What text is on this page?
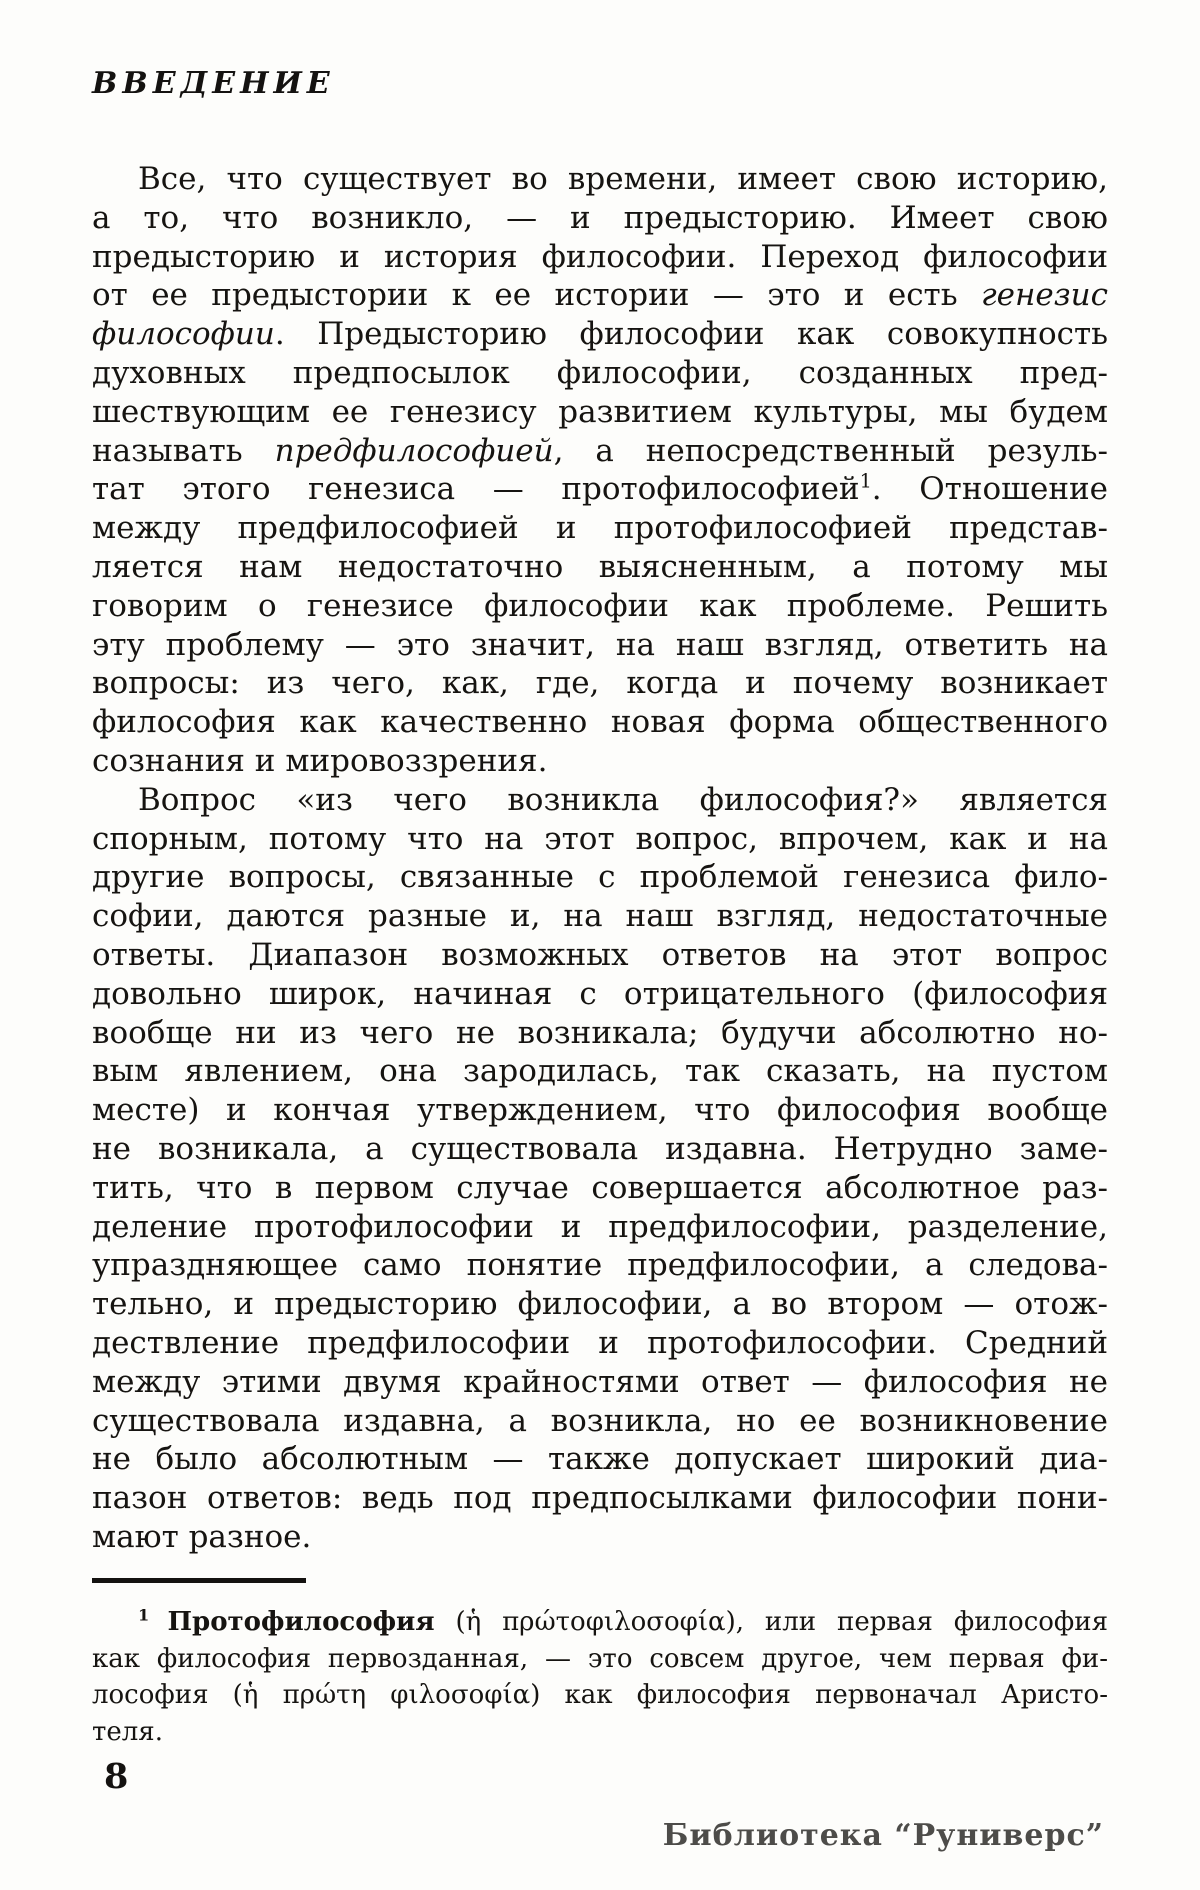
ВВЕДЕНИЕ
Все, что существует во времени, имеет свою историю,
а то, что возникло, — и предысторию. Имеет свою
предысторию и история философии. Переход философии
от ее предыстории к ее истории — это и есть генезис
философии. Предысторию философии как совокупность
духовных предпосылок философии, созданных пред-
шествующим ее генезису развитием культуры, мы будем
называть предфилософией, а непосредственный резуль-
тат этого генезиса — протофилософией$^1$. Отношение
между предфилософией и протофилософией представ-
ляется нам недостаточно выясненным, а потому мы
говорим о генезисе философии как проблеме. Решить
эту проблему — это значит, на наш взгляд, ответить на
вопросы: из чего, как, где, когда и почему возникает
философия как качественно новая форма общественного
сознания и мировоззрения.
Вопрос «из чего возникла философия?» является
спорным, потому что на этот вопрос, впрочем, как и на
другие вопросы, связанные с проблемой генезиса фило-
софии, даются разные и, на наш взгляд, недостаточные
ответы. Диапазон возможных ответов на этот вопрос
довольно широк, начиная с отрицательного (философия
вообще ни из чего не возникала; будучи абсолютно но-
вым явлением, она зародилась, так сказать, на пустом
месте) и кончая утверждением, что философия вообще
не возникала, а существовала издавна. Нетрудно заме-
тить, что в первом случае совершается абсолютное раз-
деление протофилософии и предфилософии, разделение,
упраздняющее само понятие предфилософии, а следова-
тельно, и предысторию философии, а во втором — отож-
дествление предфилософии и протофилософии. Средний
между этими двумя крайностями ответ — философия не
существовала издавна, а возникла, но ее возникновение
не было абсолютным — также допускает широкий диа-
пазон ответов: ведь под предпосылками философии пони-
мают разное.
$^1$ Протофилософия (ἡ πρώτοφιλοσοφία), или первая философия
как философия первозданная, — это совсем другое, чем первая фи-
лософия (ἡ πρώτη φιλοσοφία) как философия первоначал Аристо-
теля.
8
Библиотека “Руниверс”
